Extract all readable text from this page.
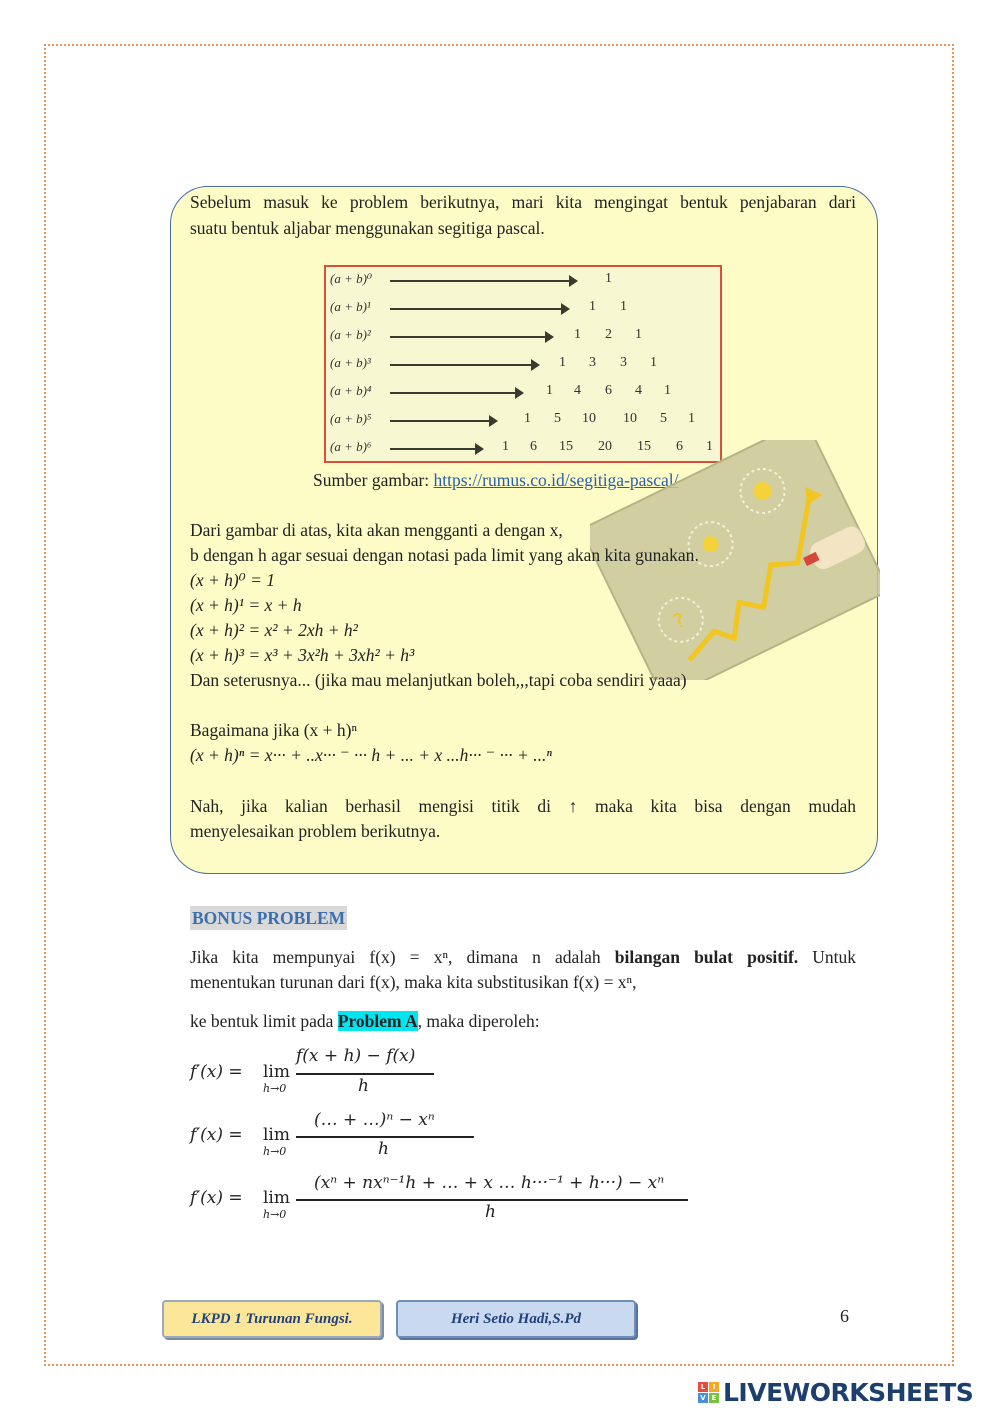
Sebelum masuk ke problem berikutnya, mari kita mengingat bentuk penjabaran dari
suatu bentuk aljabar menggunakan segitiga pascal.
(a + b)⁰	1
(a + b)¹	1 1
(a + b)²	1 2 1
(a + b)³	1 3 3 1
(a + b)⁴	1 4 6 4 1
(a + b)⁵	1 5 10 10 5 1
(a + b)⁶	1 6 15 20 15 6 1
Sumber gambar: https://rumus.co.id/segitiga-pascal/
?
Dari gambar di atas, kita akan mengganti a dengan x,
b dengan h agar sesuai dengan notasi pada limit yang akan kita gunakan.
(x + h)⁰ = 1
(x + h)¹ = x + h
(x + h)² = x² + 2xh + h²
(x + h)³ = x³ + 3x²h + 3xh² + h³
Dan seterusnya... (jika mau melanjutkan boleh,,,tapi coba sendiri yaaa)
Bagaimana jika (x + h)ⁿ
(x + h)ⁿ = x··· + ..x··· ⁻ ··· h + ... + x ...h··· ⁻ ··· + ...ⁿ
Nah, jika kalian berhasil mengisi titik di ↑ maka kita bisa dengan mudah
menyelesaikan problem berikutnya.
BONUS PROBLEM
Jika kita mempunyai f(x) = xⁿ, dimana n adalah bilangan bulat positif. Untuk
menentukan turunan dari f(x), maka kita substitusikan f(x) = xⁿ,
ke bentuk limit pada Problem A, maka diperoleh:
f′(x) = lim
h→0
f(x + h) − f(x)
h
f′(x) = lim
h→0
(… + …)ⁿ − xⁿ
h
f′(x) = lim
h→0
(xⁿ + nxⁿ⁻¹h + … + x … h···⁻¹ + h···) − xⁿ
h
LKPD 1 Turunan Fungsi.	Heri Setio Hadi,S.Pd	6
L	I
V E LIVEWORKSHEETS
